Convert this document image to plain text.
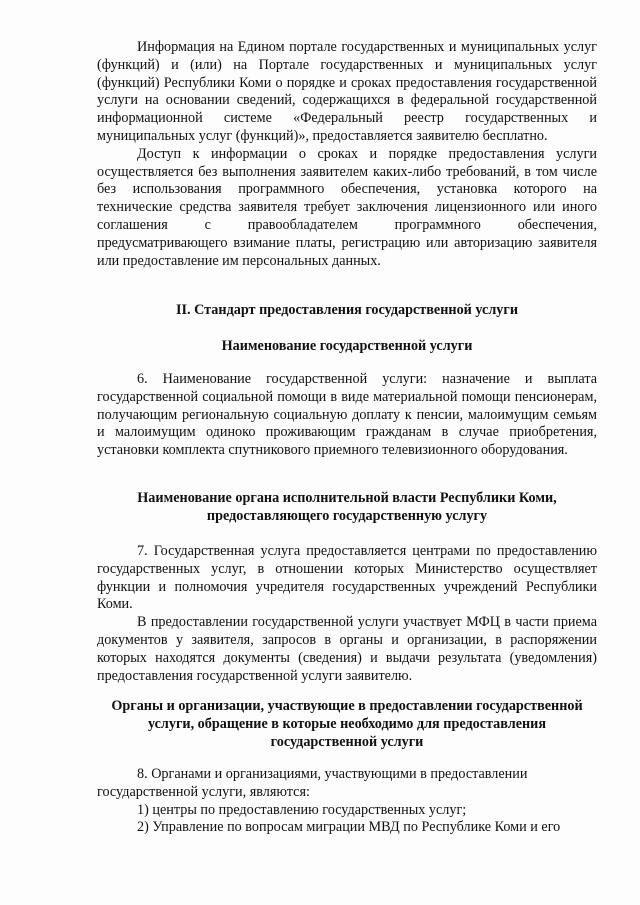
Информация на Едином портале государственных и муниципальных услуг (функций) и (или) на Портале государственных и муниципальных услуг (функций) Республики Коми о порядке и сроках предоставления государственной услуги на основании сведений, содержащихся в федеральной государственной информационной системе «Федеральный реестр государственных и муниципальных услуг (функций)», предоставляется заявителю бесплатно.

Доступ к информации о сроках и порядке предоставления услуги осуществляется без выполнения заявителем каких-либо требований, в том числе без использования программного обеспечения, установка которого на технические средства заявителя требует заключения лицензионного или иного соглашения с правообладателем программного обеспечения, предусматривающего взимание платы, регистрацию или авторизацию заявителя или предоставление им персональных данных.

II. Стандарт предоставления государственной услуги

Наименование государственной услуги

6. Наименование государственной услуги: назначение и выплата государственной социальной помощи в виде материальной помощи пенсионерам, получающим региональную социальную доплату к пенсии, малоимущим семьям и малоимущим одиноко проживающим гражданам в случае приобретения, установки комплекта спутникового приемного телевизионного оборудования.

Наименование органа исполнительной власти Республики Коми,

предоставляющего государственную услугу

7. Государственная услуга предоставляется центрами по предоставлению государственных услуг, в отношении которых Министерство осуществляет функции и полномочия учредителя государственных учреждений Республики Коми.

В предоставлении государственной услуги участвует МФЦ в части приема документов у заявителя, запросов в органы и организации, в распоряжении которых находятся документы (сведения) и выдачи результата (уведомления) предоставления государственной услуги заявителю.

Органы и организации, участвующие в предоставлении государственной

услуги, обращение в которые необходимо для предоставления

государственной услуги

8. Органами и организациями, участвующими в предоставлении

государственной услуги, являются:

1) центры по предоставлению государственных услуг;

2) Управление по вопросам миграции МВД по Республике Коми и его
